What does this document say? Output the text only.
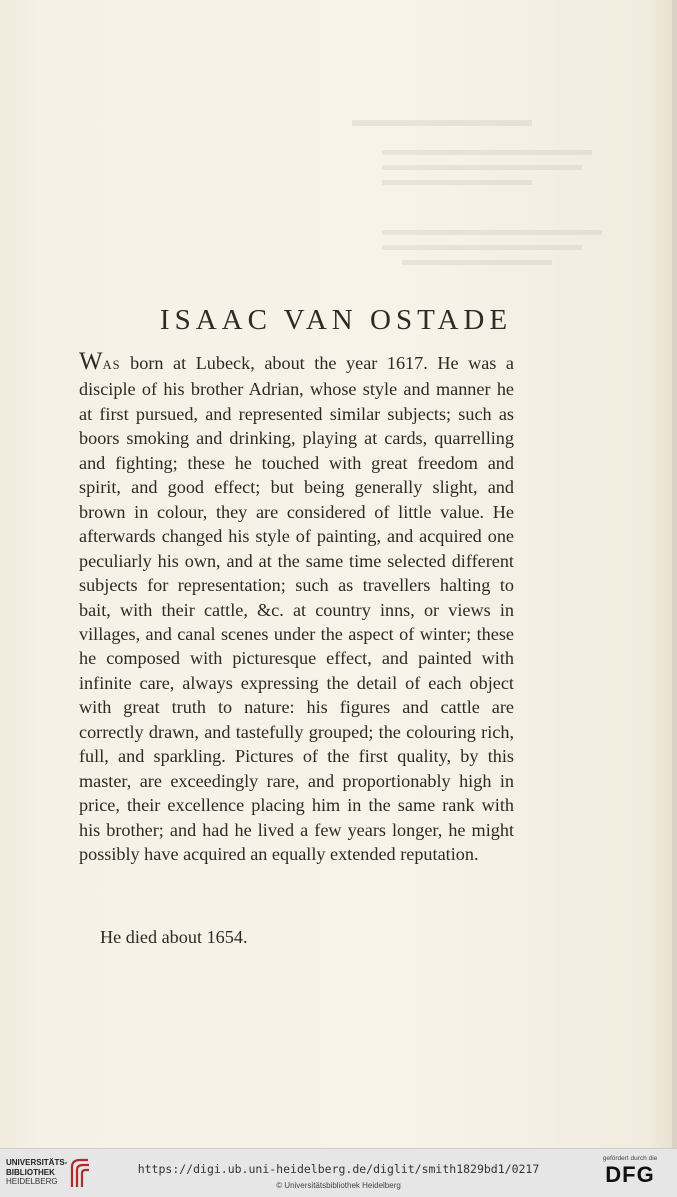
ISAAC VAN OSTADE

WAS born at Lubeck, about the year 1617. He was a disciple of his brother Adrian, whose style and manner he at first pursued, and represented similar subjects; such as boors smoking and drinking, playing at cards, quarrelling and fighting; these he touched with great freedom and spirit, and good effect; but being generally slight, and brown in colour, they are considered of little value. He afterwards changed his style of painting, and acquired one peculiarly his own, and at the same time selected different subjects for representation; such as travellers halting to bait, with their cattle, &c. at country inns, or views in villages, and canal scenes under the aspect of winter; these he composed with picturesque effect, and painted with infinite care, always expressing the detail of each object with great truth to nature: his figures and cattle are correctly drawn, and tastefully grouped; the colouring rich, full, and sparkling. Pictures of the first quality, by this master, are exceedingly rare, and proportionably high in price, their excellence placing him in the same rank with his brother; and had he lived a few years longer, he might possibly have acquired an equally extended reputation.

He died about 1654.

UNIVERSITÄTS-
BIBLIOTHEK
HEIDELBERG
https://digi.ub.uni-heidelberg.de/diglit/smith1829bd1/0217
© Universitätsbibliothek Heidelberg
gefördert durch die
DFG
